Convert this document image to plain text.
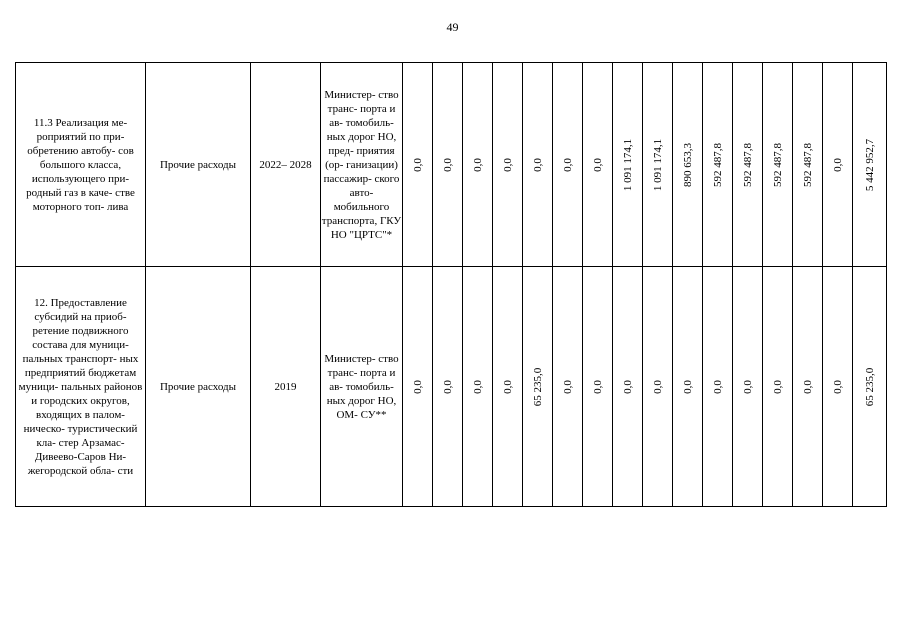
49
11.3 Реализация ме- роприятий по при- обретению автобу- сов большого класса, использующего при- родный газ в каче- стве моторного топ- лива	Прочие расходы	2022– 2028	Министер- ство транс- порта и ав- томобиль- ных дорог НО, пред- приятия (ор- ганизации) пассажир- ского авто- мобильного транспорта, ГКУ НО "ЦРТС"*	0,0	0,0	0,0	0,0	0,0	0,0	0,0	1 091 174,1	1 091 174,1	890 653,3	592 487,8	592 487,8	592 487,8	592 487,8	0,0	5 442 952,7

12. Предоставление субсидий на приоб- ретение подвижного состава для муници- пальных транспорт- ных предприятий бюджетам муници- пальных районов и городских округов, входящих в палом- ническо- туристический кла- стер Арзамас- Дивеево-Саров Ни- жегородской обла- сти	Прочие расходы	2019	Министер- ство транс- порта и ав- томобиль- ных дорог НО, ОМ- СУ**	0,0	0,0	0,0	0,0	65 235,0	0,0	0,0	0,0	0,0	0,0	0,0	0,0	0,0	0,0	0,0	65 235,0
